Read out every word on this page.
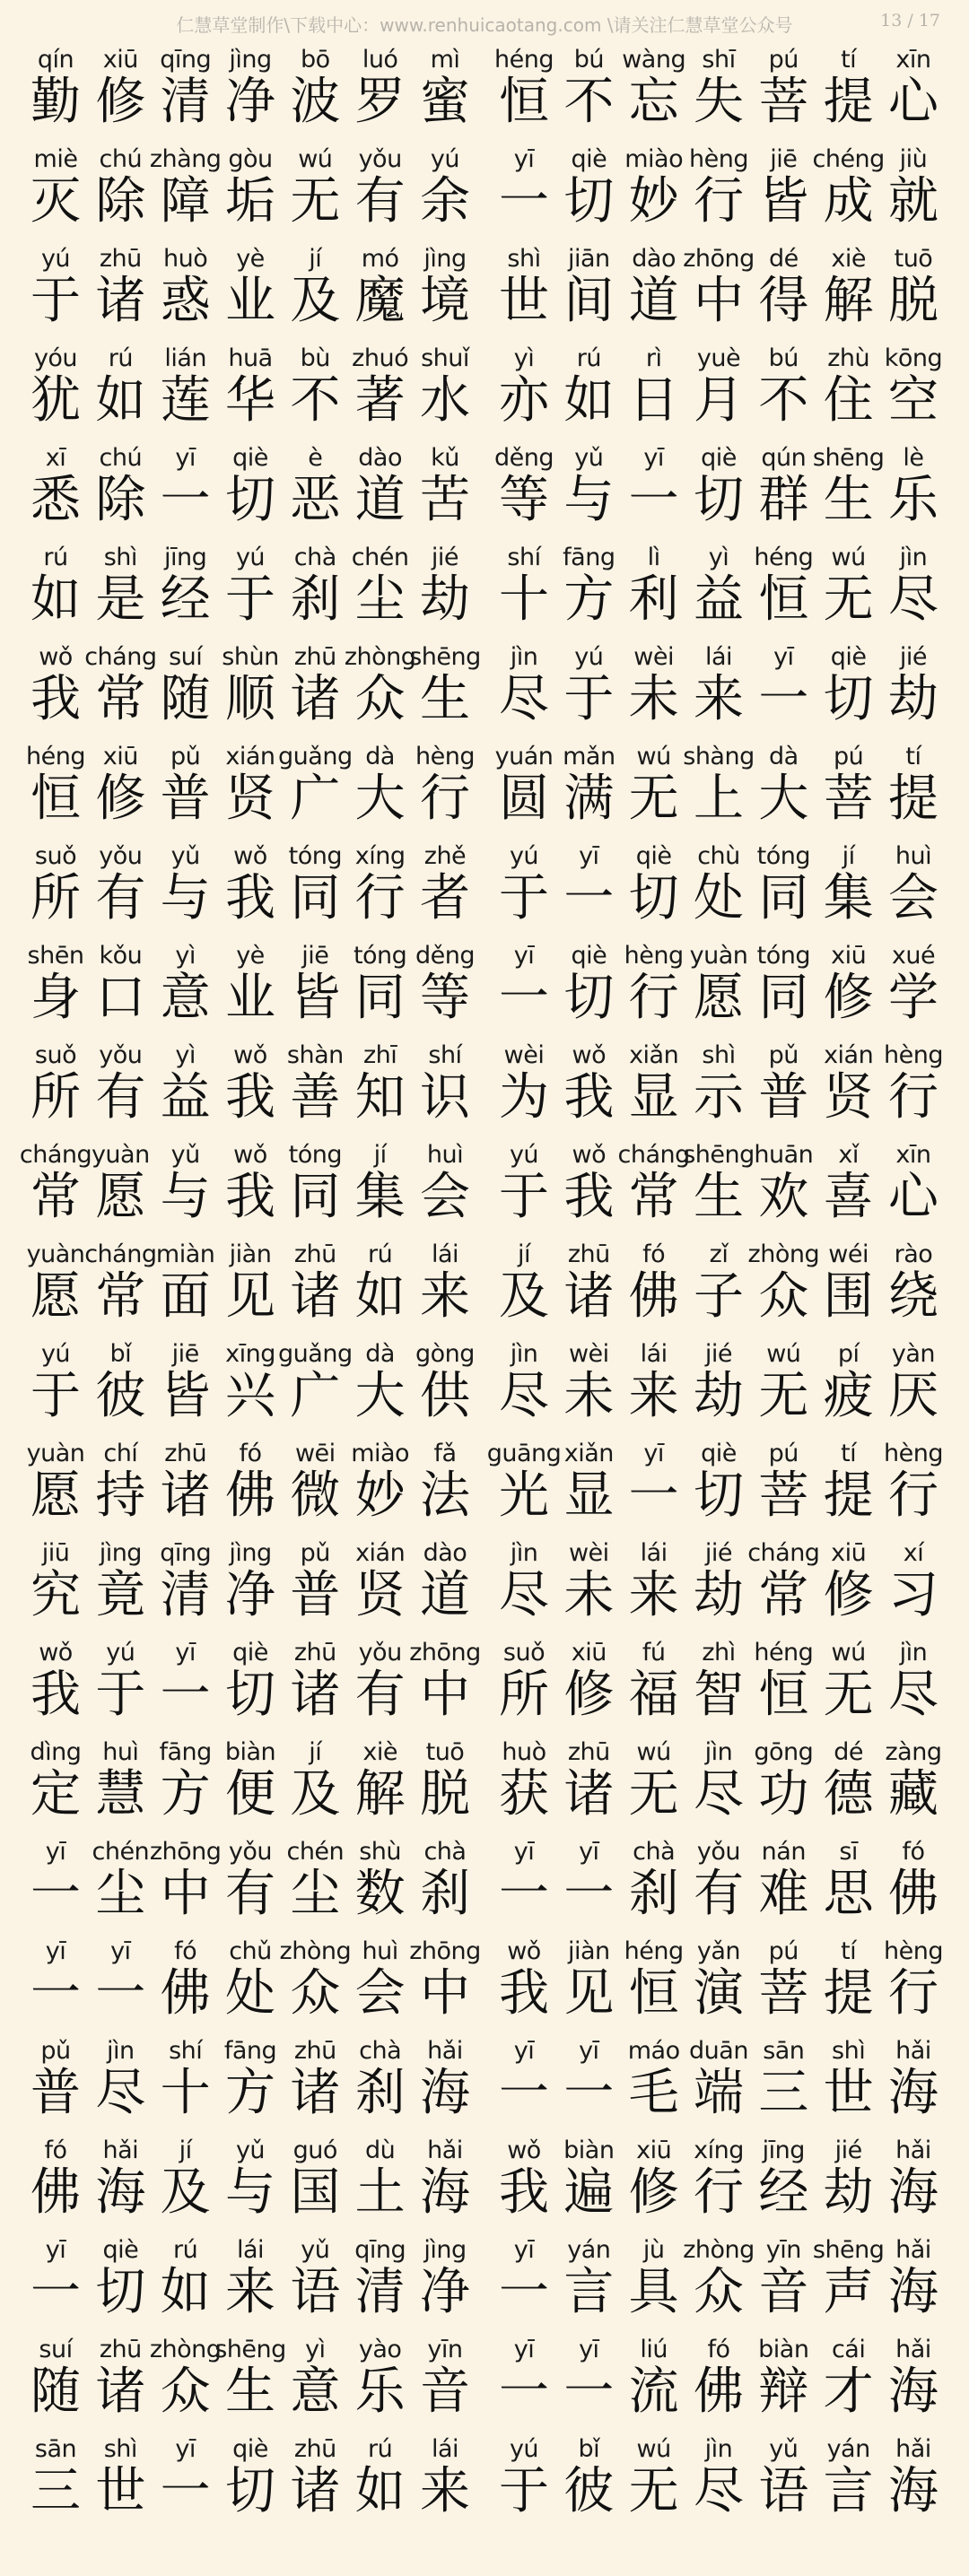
仁慧草堂制作\下载中心：www.renhuicaotang.com \请关注仁慧草堂公众号	13 / 17
qín
勤
xiū
修
qīng
清
jìng
净
bō
波
luó
罗
mì
蜜
miè
灭
chú
除
zhàng
障
gòu
垢
wú
无
yǒu
有
yú
余
yú
于
zhū
诸
huò
惑
yè
业
jí
及
mó
魔
jìng
境
yóu
犹
rú
如
lián
莲
huā
华
bù
不
zhuó
著
shuǐ
水
xī
悉
chú
除
yī
一
qiè
切
è
恶
dào
道
kǔ
苦
rú
如
shì
是
jīng
经
yú
于
chà
刹
chén
尘
jié
劫
wǒ
我
cháng
常
suí
随
shùn
顺
zhū
诸
zhòng
众
shēng
生
héng
恒
xiū
修
pǔ
普
xián
贤
guǎng
广
dà
大
hèng
行
suǒ
所
yǒu
有
yǔ
与
wǒ
我
tóng
同
xíng
行
zhě
者
shēn
身
kǒu
口
yì
意
yè
业
jiē
皆
tóng
同
děng
等
suǒ
所
yǒu
有
yì
益
wǒ
我
shàn
善
zhī
知
shí
识
cháng
常
yuàn
愿
yǔ
与
wǒ
我
tóng
同
jí
集
huì
会
yuàn
愿
cháng
常
miàn
面
jiàn
见
zhū
诸
rú
如
lái
来
yú
于
bǐ
彼
jiē
皆
xīng
兴
guǎng
广
dà
大
gòng
供
yuàn
愿
chí
持
zhū
诸
fó
佛
wēi
微
miào
妙
fǎ
法
jiū
究
jìng
竟
qīng
清
jìng
净
pǔ
普
xián
贤
dào
道
wǒ
我
yú
于
yī
一
qiè
切
zhū
诸
yǒu
有
zhōng
中
dìng
定
huì
慧
fāng
方
biàn
便
jí
及
xiè
解
tuō
脱
yī
一
chén
尘
zhōng
中
yǒu
有
chén
尘
shù
数
chà
刹
yī
一
yī
一
fó
佛
chǔ
处
zhòng
众
huì
会
zhōng
中
pǔ
普
jìn
尽
shí
十
fāng
方
zhū
诸
chà
刹
hǎi
海
fó
佛
hǎi
海
jí
及
yǔ
与
guó
国
dù
土
hǎi
海
yī
一
qiè
切
rú
如
lái
来
yǔ
语
qīng
清
jìng
净
suí
随
zhū
诸
zhòng
众
shēng
生
yì
意
yào
乐
yīn
音
sān
三
shì
世
yī
一
qiè
切
zhū
诸
rú
如
lái
来
héng
恒
bú
不
wàng
忘
shī
失
pú
菩
tí
提
xīn
心
yī
一
qiè
切
miào
妙
hèng
行
jiē
皆
chéng
成
jiù
就
shì
世
jiān
间
dào
道
zhōng
中
dé
得
xiè
解
tuō
脱
yì
亦
rú
如
rì
日
yuè
月
bú
不
zhù
住
kōng
空
děng
等
yǔ
与
yī
一
qiè
切
qún
群
shēng
生
lè
乐
shí
十
fāng
方
lì
利
yì
益
héng
恒
wú
无
jìn
尽
jìn
尽
yú
于
wèi
未
lái
来
yī
一
qiè
切
jié
劫
yuán
圆
mǎn
满
wú
无
shàng
上
dà
大
pú
菩
tí
提
yú
于
yī
一
qiè
切
chù
处
tóng
同
jí
集
huì
会
yī
一
qiè
切
hèng
行
yuàn
愿
tóng
同
xiū
修
xué
学
wèi
为
wǒ
我
xiǎn
显
shì
示
pǔ
普
xián
贤
hèng
行
yú
于
wǒ
我
cháng
常
shēng
生
huān
欢
xǐ
喜
xīn
心
jí
及
zhū
诸
fó
佛
zǐ
子
zhòng
众
wéi
围
rào
绕
jìn
尽
wèi
未
lái
来
jié
劫
wú
无
pí
疲
yàn
厌
guāng
光
xiǎn
显
yī
一
qiè
切
pú
菩
tí
提
hèng
行
jìn
尽
wèi
未
lái
来
jié
劫
cháng
常
xiū
修
xí
习
suǒ
所
xiū
修
fú
福
zhì
智
héng
恒
wú
无
jìn
尽
huò
获
zhū
诸
wú
无
jìn
尽
gōng
功
dé
德
zàng
藏
yī
一
yī
一
chà
刹
yǒu
有
nán
难
sī
思
fó
佛
wǒ
我
jiàn
见
héng
恒
yǎn
演
pú
菩
tí
提
hèng
行
yī
一
yī
一
máo
毛
duān
端
sān
三
shì
世
hǎi
海
wǒ
我
biàn
遍
xiū
修
xíng
行
jīng
经
jié
劫
hǎi
海
yī
一
yán
言
jù
具
zhòng
众
yīn
音
shēng
声
hǎi
海
yī
一
yī
一
liú
流
fó
佛
biàn
辩
cái
才
hǎi
海
yú
于
bǐ
彼
wú
无
jìn
尽
yǔ
语
yán
言
hǎi
海
